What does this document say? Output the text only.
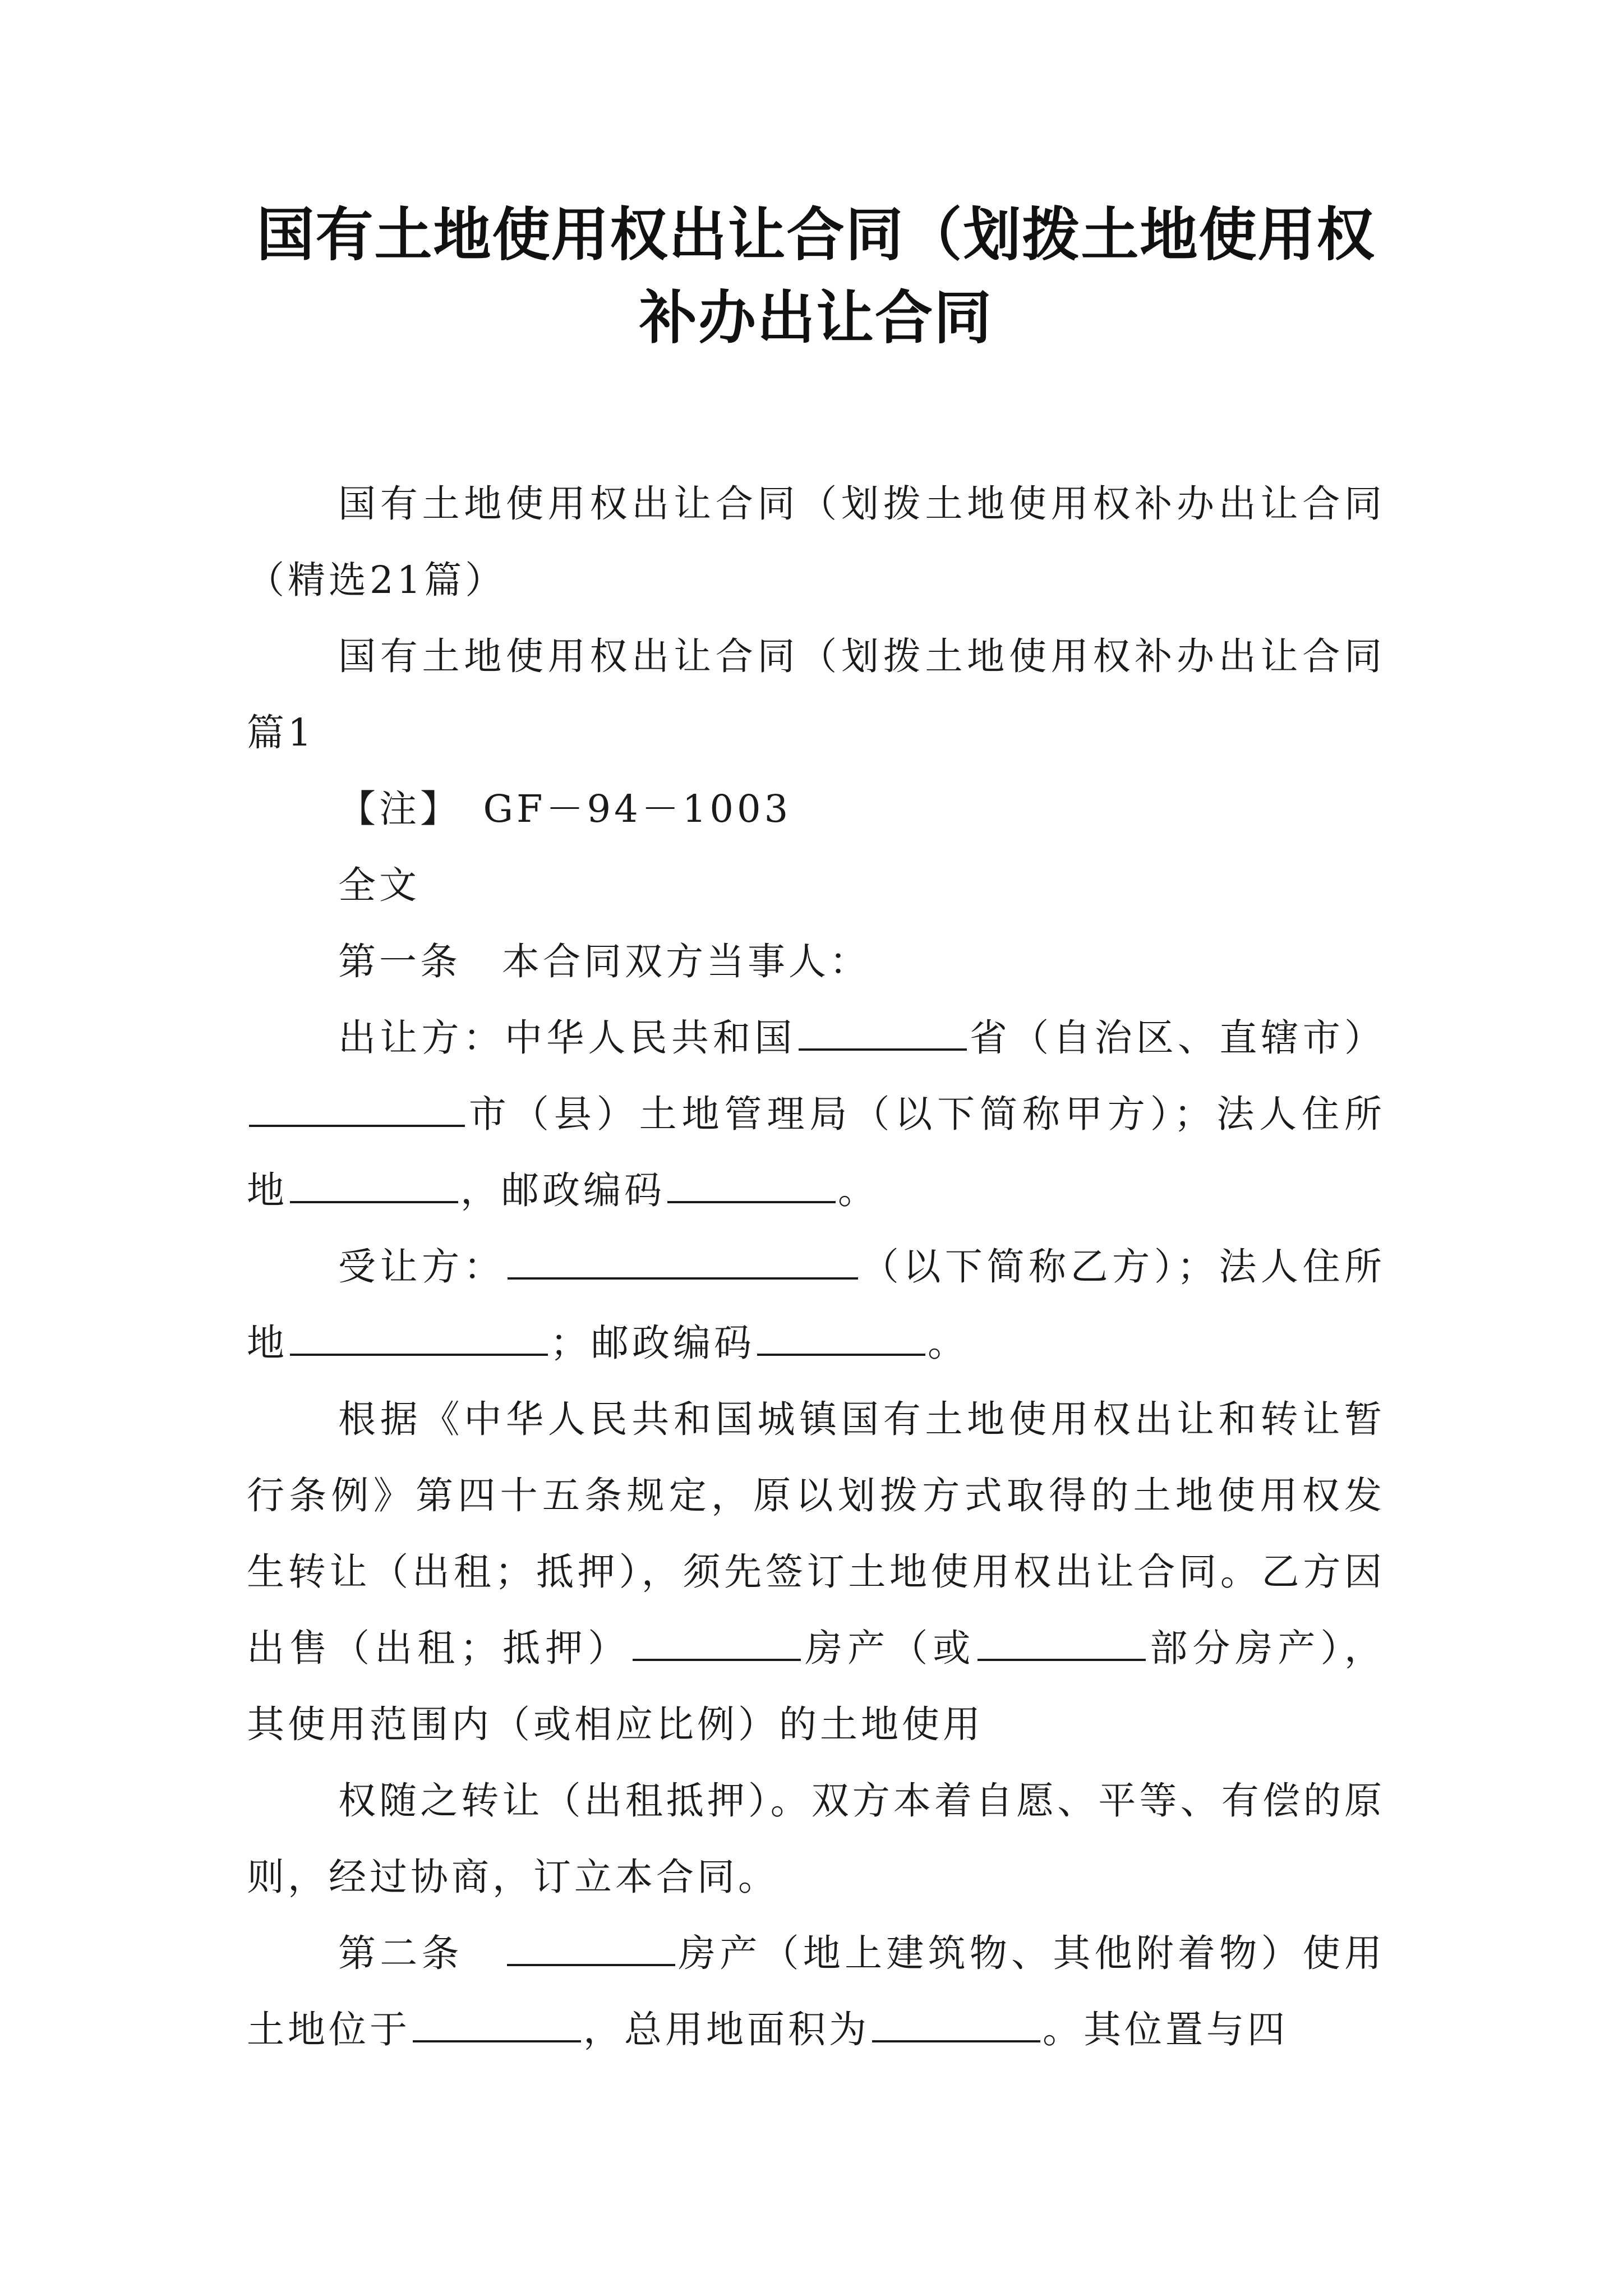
国有土地使用权出让合同（划拨土地使用权
补办出让合同

国有土地使用权出让合同（划拨土地使用权补办出让合同（精选21篇）

国有土地使用权出让合同（划拨土地使用权补办出让合同 篇1

【注】　GF－94－1003

全文

第一条　本合同双方当事人：

出让方：中华人民共和国	省（自治区、直辖市）市（县）土地管理局（以下简称甲方）；法人住所地	，邮政编码	。

受让方：	（以下简称乙方）；法人住所地	；邮政编码	。

根据《中华人民共和国城镇国有土地使用权出让和转让暂行条例》第四十五条规定，原以划拨方式取得的土地使用权发生转让（出租；抵押），须先签订土地使用权出让合同。乙方因出售（出租；抵押）	房产（或	部分房产），其使用范围内（或相应比例）的土地使用

权随之转让（出租抵押）。双方本着自愿、平等、有偿的原则，经过协商，订立本合同。

第二条　	房产（地上建筑物、其他附着物）使用土地位于	，总用地面积为	。其位置与四
